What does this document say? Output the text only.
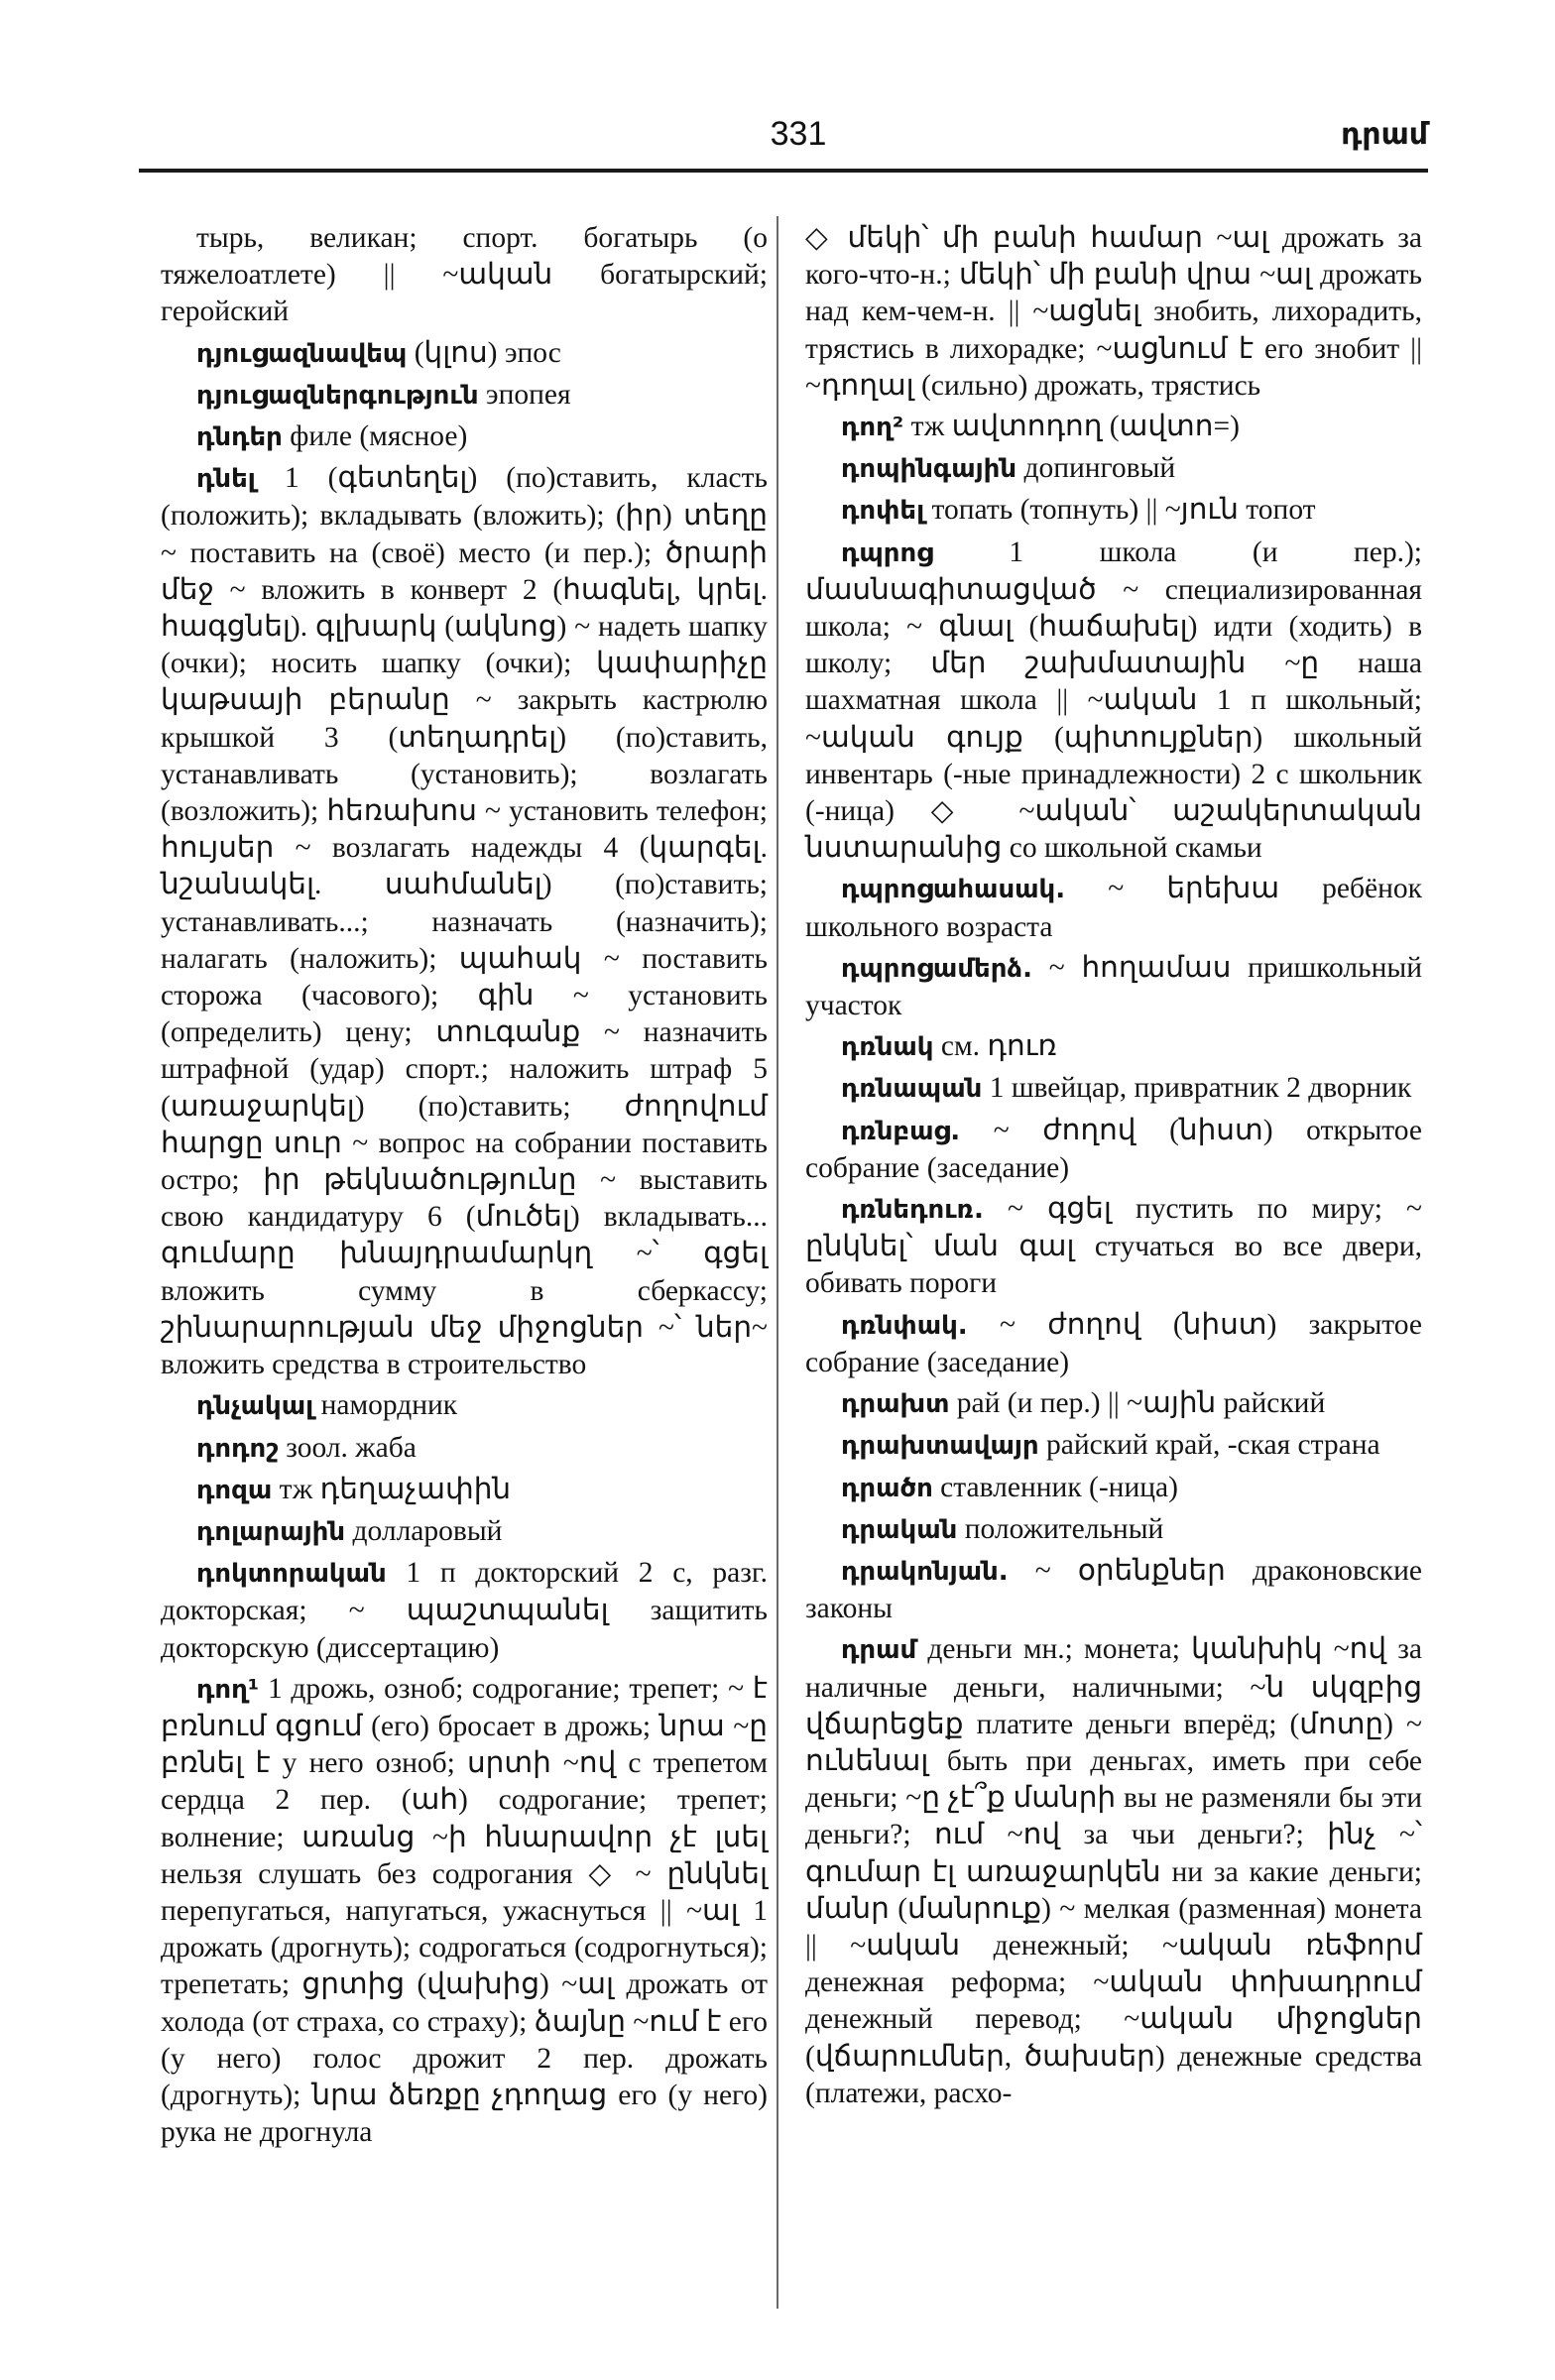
331	դրամ

тырь, великан; спорт. богатырь (о тяжелоатлете) || ~ական богатырский; геройский

դյուցազնավեպ (կլոս) эпос

դյուցազներգություն эпопея

դնդեր филе (мясное)

դնել 1 (գետեղել) (по)ставить, класть (положить); вкладывать (вложить); (իր) տեղը ~ поставить на (своё) место (и пер.); ծրարի մեջ ~ вложить в конверт 2 (հագնել, կրել. հագցնել). գլխարկ (ակնոց) ~ надеть шапку (очки); носить шапку (очки); կափարիչը կաթսայի բերանը ~ закрыть кастрюлю крышкой 3 (տեղադրել) (по)ставить, устанавливать (установить); возлагать (возложить); հեռախոս ~ установить телефон; հույսեր ~ возлагать надежды 4 (կարգել. նշանակել. սահմանել) (по)ставить; устанавливать...; назначать (назначить); налагать (наложить); պահակ ~ поставить сторожа (часового); գին ~ установить (определить) цену; տուգանք ~ назначить штрафной (удар) спорт.; наложить штраф 5 (առաջարկել) (по)ставить; ժողովում հարցը սուր ~ вопрос на собрании поставить остро; իր թեկնածությունը ~ выставить свою кандидатуру 6 (մուծել) вкладывать... գումարը խնայդրամարկղ ~՝ գցել вложить сумму в сберкассу; շինարարության մեջ միջոցներ ~՝ ներ~ вложить средства в строительство

դնչակալ намордник

դոդոշ зоол. жаба

դոզա тж դեղաչափին

դոլարային долларовый

դոկտորական 1 п докторский 2 с, разг. докторская; ~ պաշտպանել защитить докторскую (диссертацию)

դող¹ 1 дрожь, озноб; содрогание; трепет; ~ է բռնում գցում (его) бросает в дрожь; նրա ~ը բռնել է у него озноб; սրտի ~ով с трепетом сердца 2 пер. (ահ) содрогание; трепет; волнение; առանց ~ի հնարավոր չէ լսել нельзя слушать без содрогания ◇ ~ ընկնել перепугаться, напугаться, ужаснуться || ~ալ 1 дрожать (дрогнуть); содрогаться (содрогнуться); трепетать; ցրտից (վախից) ~ալ дрожать от холода (от страха, со страху); ձայնը ~ում է его (у него) голос дрожит 2 пер. дрожать (дрогнуть); նրա ձեռքը չդողաց его (у него) рука не дрогнула

◇ մեկի՝ մի բանի համար ~ալ дрожать за кого-что-н.; մեկի՝ մի բանի վրա ~ալ дрожать над кем-чем-н. || ~ացնել знобить, лихорадить, трястись в лихорадке; ~ացնում է его знобит || ~դողալ (сильно) дрожать, трястись

դող² тж ավտոդող (ավտո=)

դոպինգային допинговый

դոփել топать (топнуть) || ~յուն топот

դպրոց 1 школа (и пер.); մասնագիտացված ~ специализированная школа; ~ գնալ (հաճախել) идти (ходить) в школу; մեր շախմատային ~ը наша шахматная школа || ~ական 1 п школьный; ~ական գույք (պիտույքներ) школьный инвентарь (-ные принадлежности) 2 с школьник (-ница) ◇ ~ական՝ աշակերտական նստարանից со школьной скамьи

դպրոցահասակ. ~ երեխա ребёнок школьного возраста

դպրոցամերձ. ~ հողամաս пришкольный участок

դռնակ см. դուռ

դռնապան 1 швейцар, привратник 2 дворник

դռնբաց. ~ ժողով (նիստ) открытое собрание (заседание)

դռնեդուռ. ~ գցել пустить по миру; ~ ընկնել՝ ման գալ стучаться во все двери, обивать пороги

դռնփակ. ~ ժողով (նիստ) закрытое собрание (заседание)

դրախտ рай (и пер.) || ~ային райский

դրախտավայր райский край, -ская страна

դրածո ставленник (-ница)

դրական положительный

դրակոնյան. ~ օրենքներ драконовские законы

դրամ деньги мн.; монета; կանխիկ ~ով за наличные деньги, наличными; ~ն սկզբից վճարեցեք платите деньги вперёд; (մոտը) ~ ունենալ быть при деньгах, иметь при себе деньги; ~ը չէ՞ք մանրի вы не разменяли бы эти деньги?; ում ~ով за чьи деньги?; ինչ ~՝ գումար էլ առաջարկեն ни за какие деньги; մանր (մանրուք) ~ мелкая (разменная) монета || ~ական денежный; ~ական ռեֆորմ денежная реформа; ~ական փոխադրում денежный перевод; ~ական միջոցներ (վճարումներ, ծախսեր) денежные средства (платежи, расхо-
